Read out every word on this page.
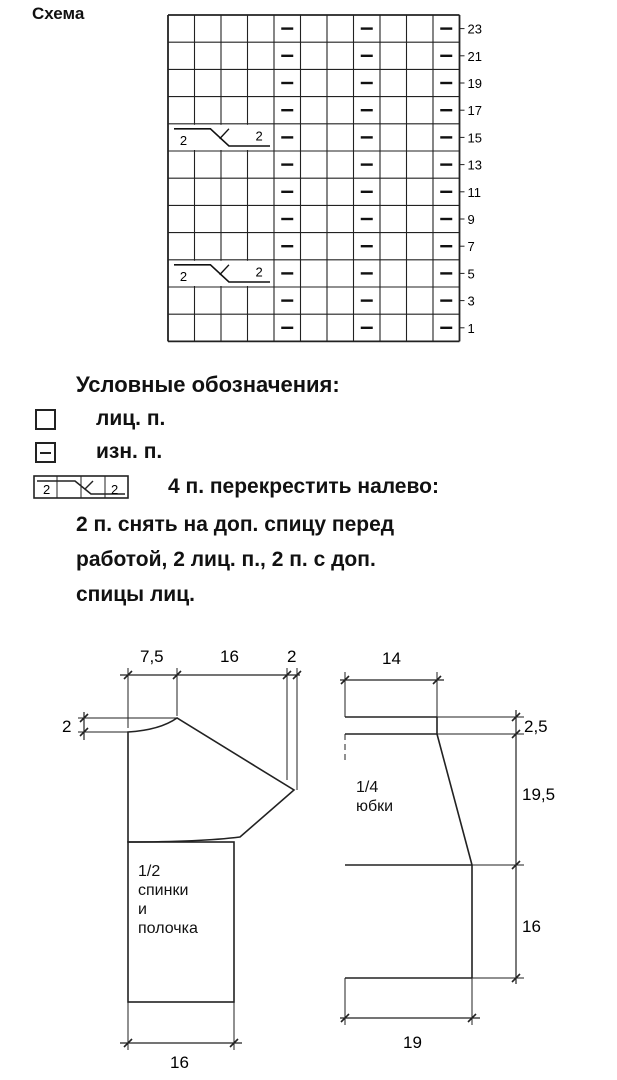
Схема
2	2
2	2
23
21
19
17
15
13
11
9
7
5
3
1
Условные обозначения:
лиц. п.
изн. п.
2	2 4 п. перекрестить налево:
2 п. снять на доп. спицу перед
работой, 2 лиц. п., 2 п. с доп.
спицы лиц.
7,5	16	2
2
16
14
2,5
19,5
16
19
1/2
спинки
и
полочка
1/4
юбки
